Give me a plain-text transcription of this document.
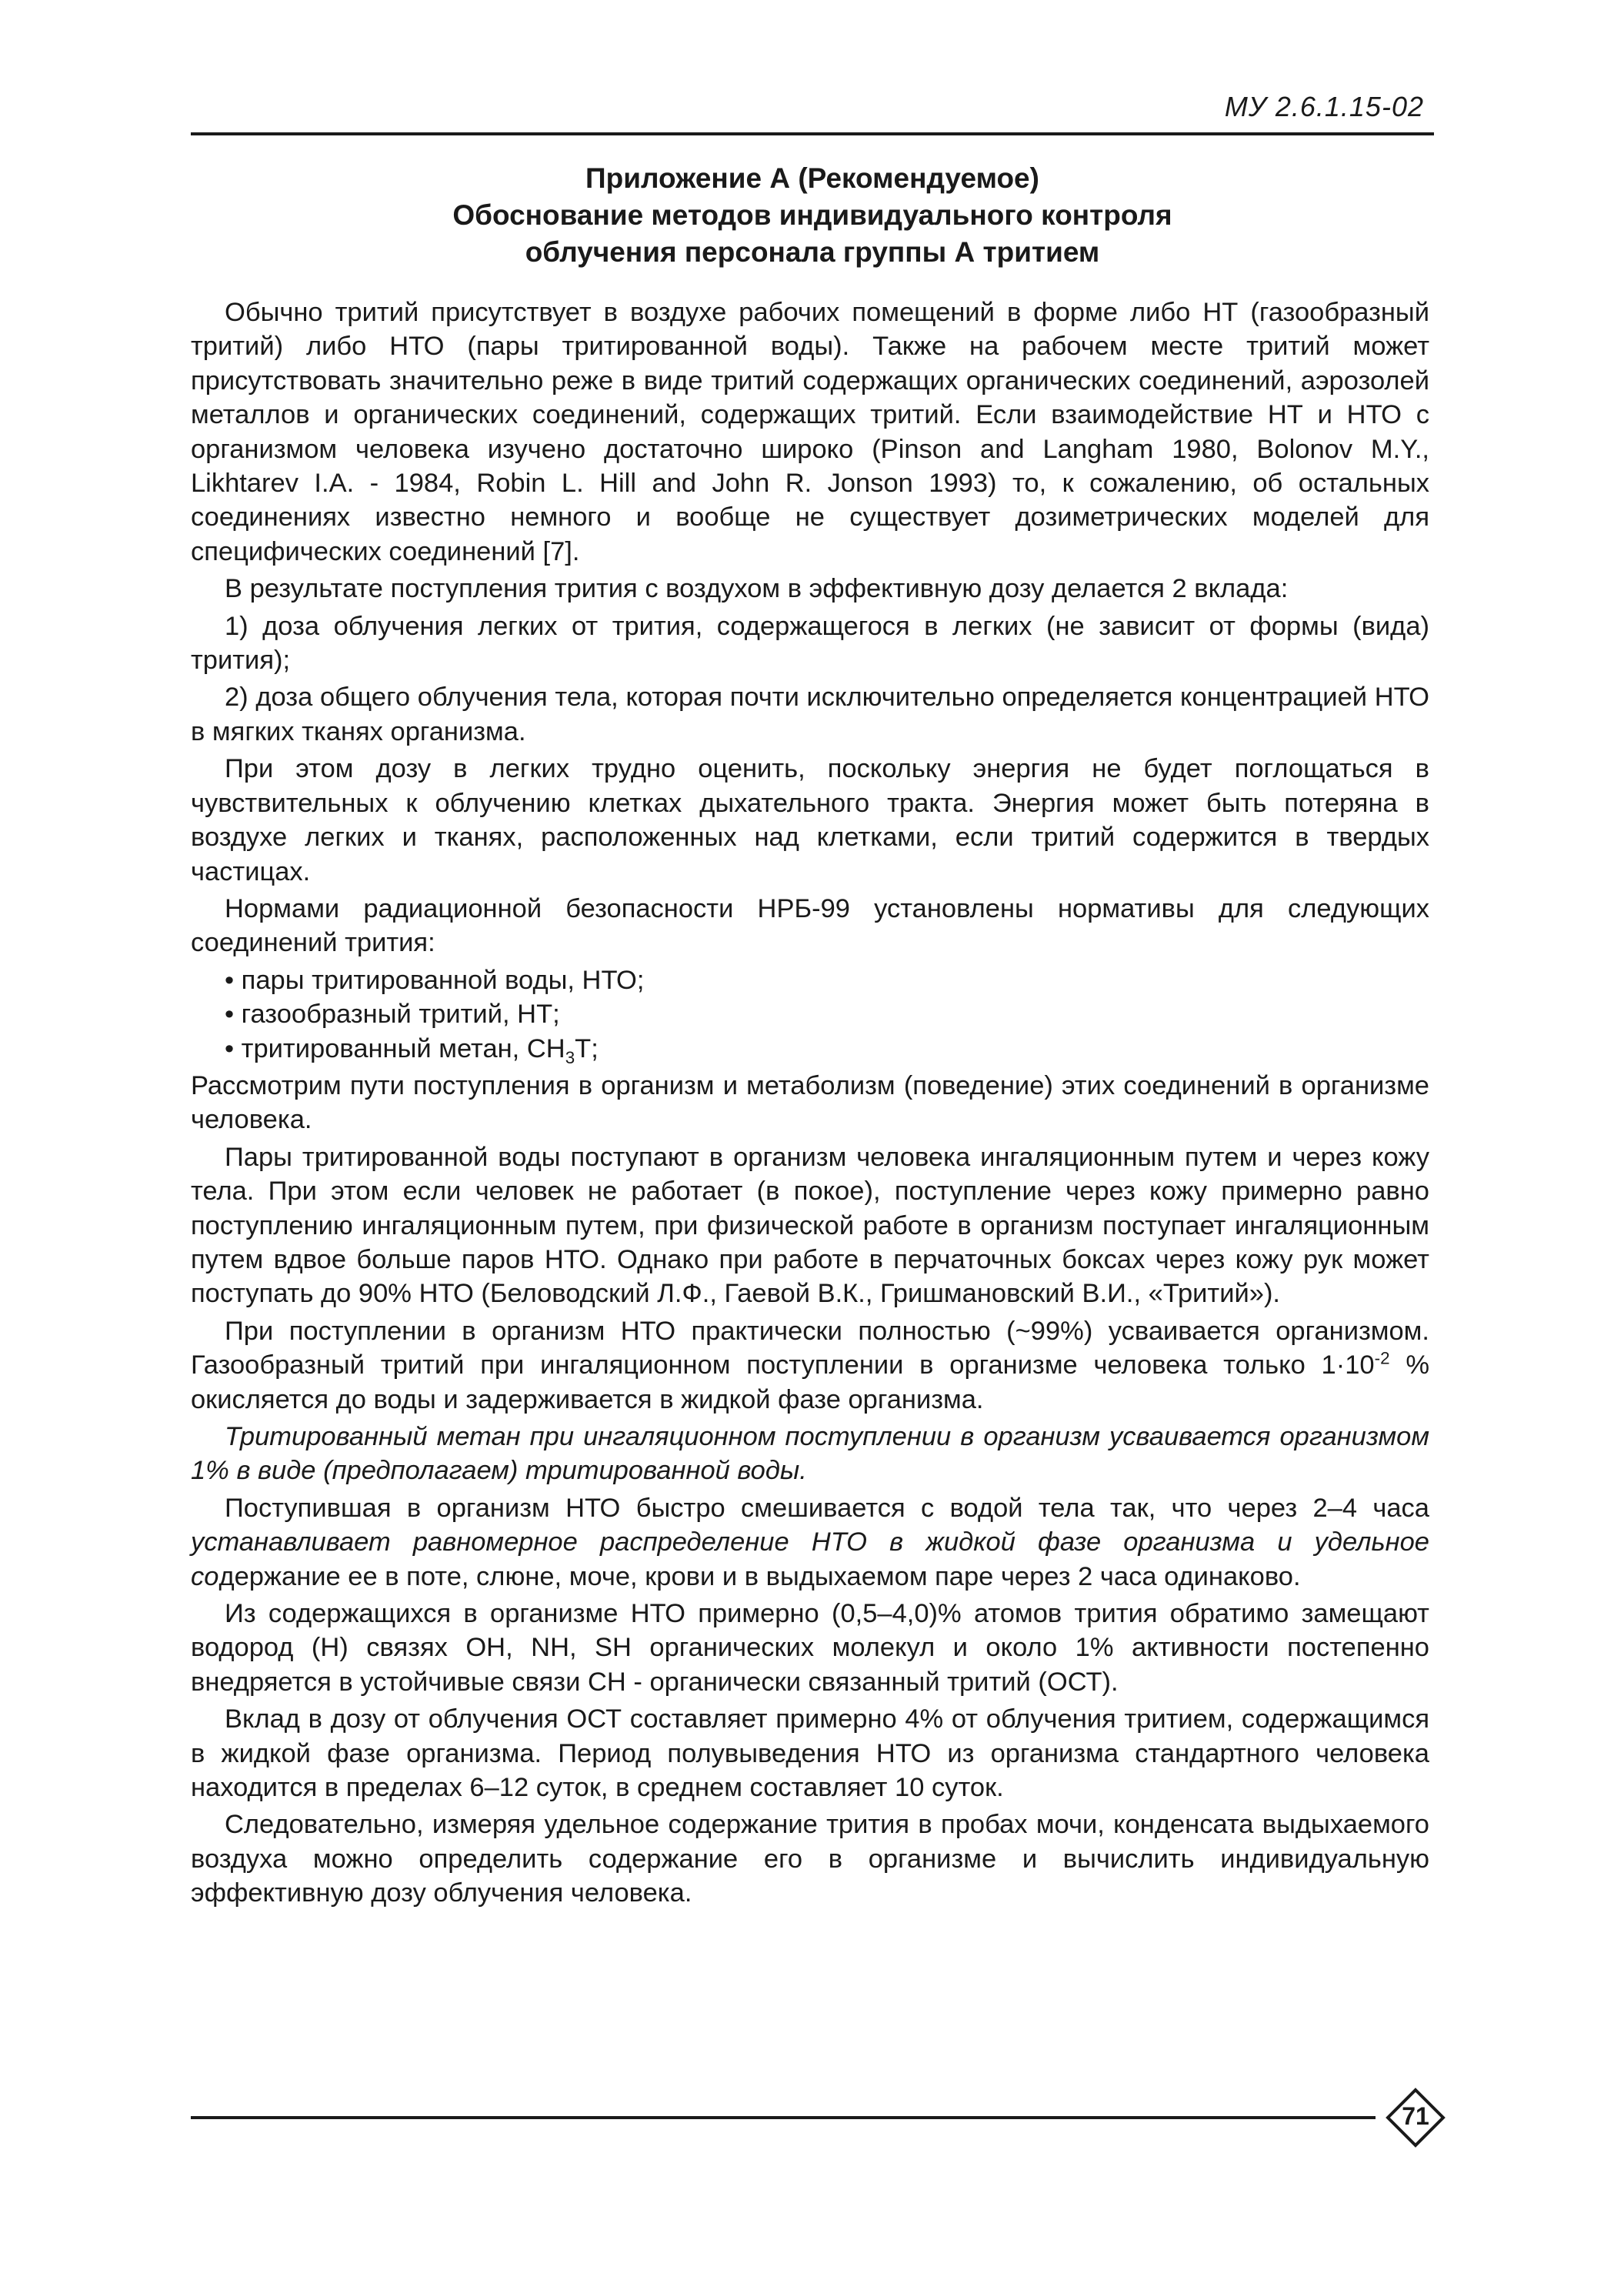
МУ 2.6.1.15-02
Приложение А (Рекомендуемое)
Обоснование методов индивидуального контроля
облучения персонала группы А тритием

Обычно тритий присутствует в воздухе рабочих помещений в форме либо НТ (газообразный тритий) либо НТО (пары тритированной воды). Также на рабочем месте тритий может присутствовать значительно реже в виде тритий содержащих органических соединений, аэрозолей металлов и органических соединений, содержащих тритий. Если взаимодействие НТ и НТО с организмом человека изучено достаточно широко (Pinson and Langham 1980, Bolonov M.Y., Likhtarev I.A. - 1984, Robin L. Hill and John R. Jonson 1993) то, к сожалению, об остальных соединениях известно немного и вообще не существует дозиметрических моделей для специфических соединений [7].

В результате поступления трития с воздухом в эффективную дозу делается 2 вклада:

1) доза облучения легких от трития, содержащегося в легких (не зависит от формы (вида) трития);

2) доза общего облучения тела, которая почти исключительно определяется концентрацией НТО в мягких тканях организма.

При этом дозу в легких трудно оценить, поскольку энергия не будет поглощаться в чувствительных к облучению клетках дыхательного тракта. Энергия может быть потеряна в воздухе легких и тканях, расположенных над клетками, если тритий содержится в твердых частицах.

Нормами радиационной безопасности НРБ-99 установлены нормативы для следующих соединений трития:

• пары тритированной воды, НТО;
• газообразный тритий, НТ;
• тритированный метан, $СН_3Т$;

Рассмотрим пути поступления в организм и метаболизм (поведение) этих соединений в организме человека.

Пары тритированной воды поступают в организм человека ингаляционным путем и через кожу тела. При этом если человек не работает (в покое), поступление через кожу примерно равно поступлению ингаляционным путем, при физической работе в организм поступает ингаляционным путем вдвое больше паров НТО. Однако при работе в перчаточных боксах через кожу рук может поступать до 90% НТО (Беловодский Л.Ф., Гаевой В.К., Гришмановский В.И., «Тритий»).

При поступлении в организм НТО практически полностью (~99%) усваивается организмом. Газообразный тритий при ингаляционном поступлении в организме человека только $1\cdot 10^{-2}$ % окисляется до воды и задерживается в жидкой фазе организма.

Тритированный метан при ингаляционном поступлении в организм усваивается организмом 1% в виде (предполагаем) тритированной воды.

Поступившая в организм НТО быстро смешивается с водой тела так, что через 2–4 часа устанавливает равномерное распределение НТО в жидкой фазе организма и удельное содержание ее в поте, слюне, моче, крови и в выдыхаемом паре через 2 часа одинаково.

Из содержащихся в организме НТО примерно (0,5–4,0)% атомов трития обратимо замещают водород (Н) связях ОН, NH, SH органических молекул и около 1% активности постепенно внедряется в устойчивые связи СН - органически связанный тритий (ОСТ).

Вклад в дозу от облучения ОСТ составляет примерно 4% от облучения тритием, содержащимся в жидкой фазе организма. Период полувыведения НТО из организма стандартного человека находится в пределах 6–12 суток, в среднем составляет 10 суток.

Следовательно, измеряя удельное содержание трития в пробах мочи, конденсата выдыхаемого воздуха можно определить содержание его в организме и вычислить индивидуальную эффективную дозу облучения человека.

71
